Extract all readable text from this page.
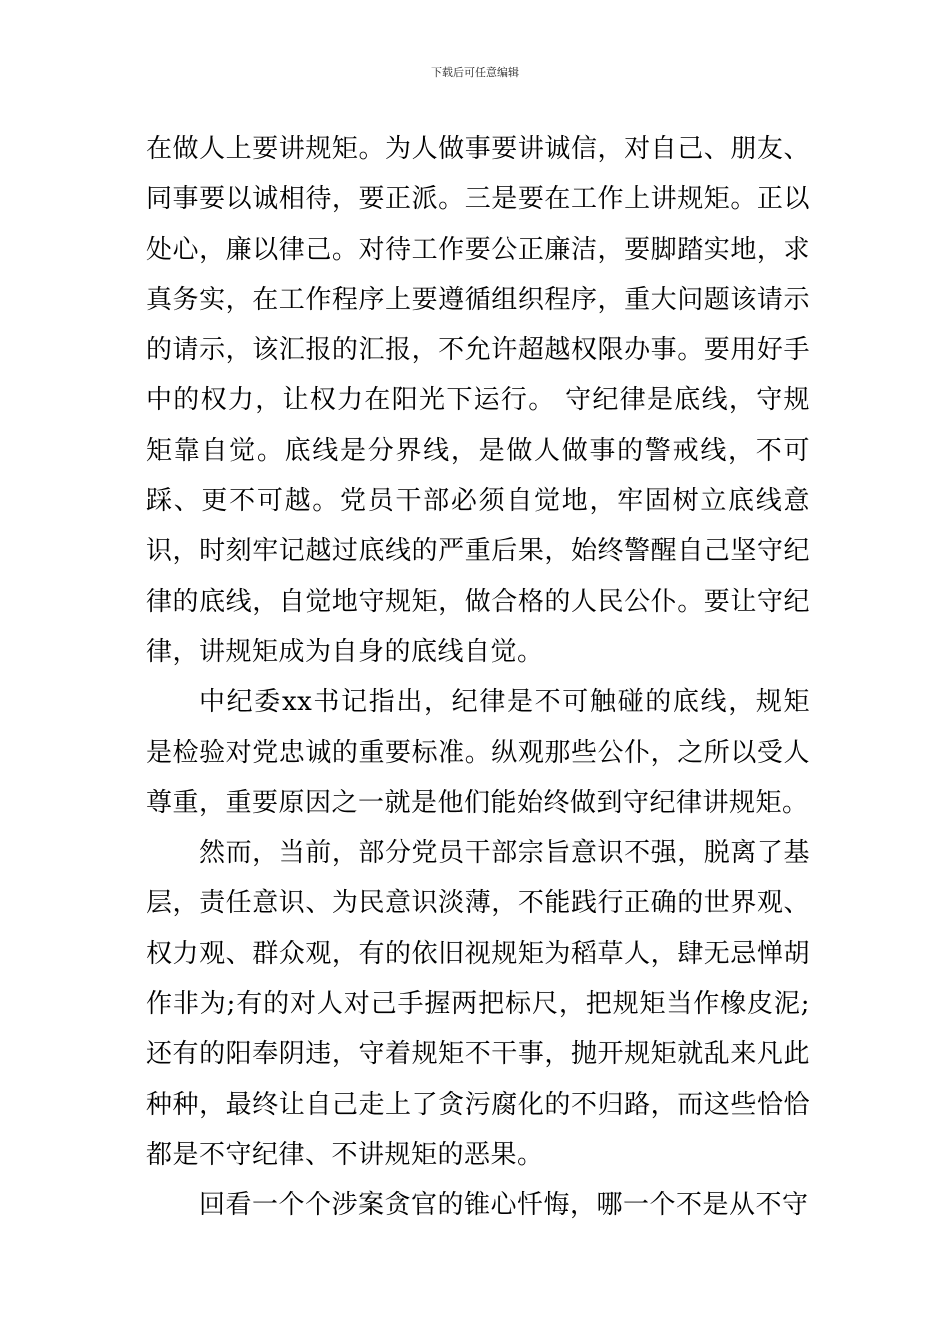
下载后可任意编辑

在做人上要讲规矩。为人做事要讲诚信，对自己、朋友、同事要以诚相待，要正派。三是要在工作上讲规矩。正以处心，廉以律己。对待工作要公正廉洁，要脚踏实地，求真务实，在工作程序上要遵循组织程序，重大问题该请示的请示，该汇报的汇报，不允许超越权限办事。要用好手中的权力，让权力在阳光下运行。 守纪律是底线，守规矩靠自觉。底线是分界线，是做人做事的警戒线，不可踩、更不可越。党员干部必须自觉地，牢固树立底线意识，时刻牢记越过底线的严重后果，始终警醒自己坚守纪律的底线，自觉地守规矩，做合格的人民公仆。要让守纪律，讲规矩成为自身的底线自觉。

中纪委xx书记指出，纪律是不可触碰的底线，规矩是检验对党忠诚的重要标准。纵观那些公仆，之所以受人尊重，重要原因之一就是他们能始终做到守纪律讲规矩。

然而，当前，部分党员干部宗旨意识不强，脱离了基层，责任意识、为民意识淡薄，不能践行正确的世界观、权力观、群众观，有的依旧视规矩为稻草人，肆无忌惮胡作非为;有的对人对己手握两把标尺，把规矩当作橡皮泥;还有的阳奉阴违，守着规矩不干事，抛开规矩就乱来凡此种种，最终让自己走上了贪污腐化的不归路，而这些恰恰都是不守纪律、不讲规矩的恶果。

回看一个个涉案贪官的锥心忏悔，哪一个不是从不守
